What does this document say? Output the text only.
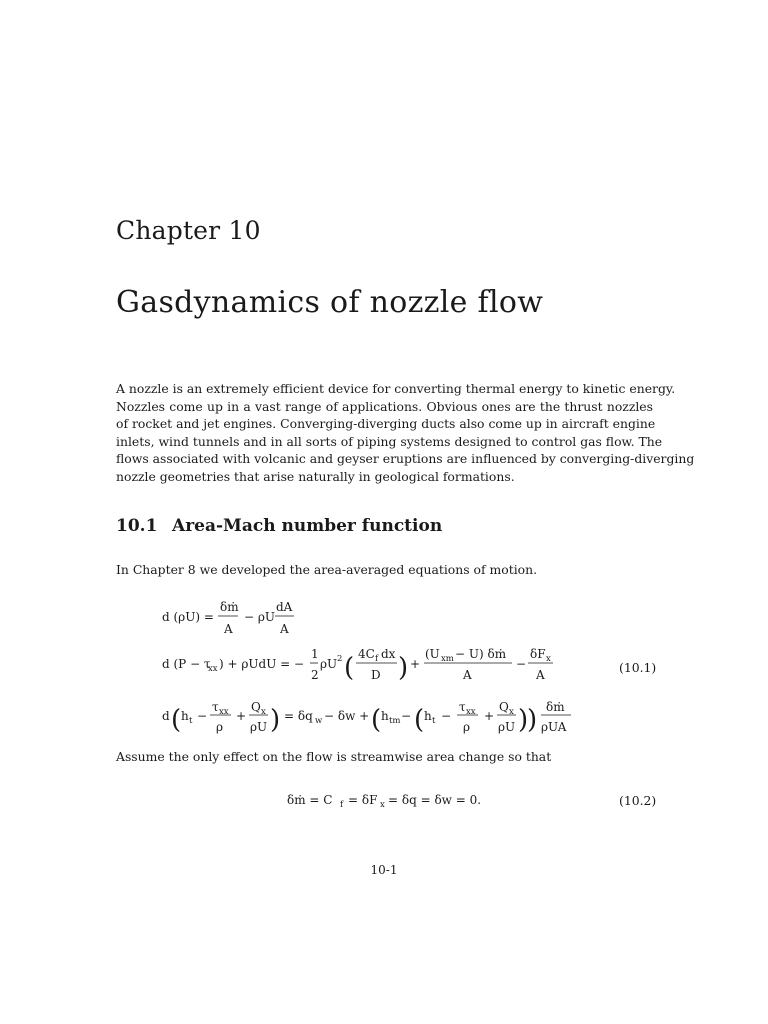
Chapter 10
Gasdynamics of nozzle flow

A nozzle is an extremely efficient device for converting thermal energy to kinetic energy.
Nozzles come up in a vast range of applications. Obvious ones are the thrust nozzles
of rocket and jet engines. Converging-diverging ducts also come up in aircraft engine
inlets, wind tunnels and in all sorts of piping systems designed to control gas flow. The
flows associated with volcanic and geyser eruptions are influenced by converging-diverging
nozzle geometries that arise naturally in geological formations.

10.1 Area-Mach number function

In Chapter 8 we developed the area-averaged equations of motion.

d (ρU) =
δṁ
A
− ρU
dA
A
d (P − τ
xx ) + ρUdU = −
1
2
ρU 2 ( 4C f dx
D ) +
(U xm − U) δṁ
A
−
δF x
A
d ( h t −
τ xx
ρ
+
Q x
ρU ) = δq w − δw + ( h tm − ( h t −
τ xx
ρ
+
Q x
ρU )
) δṁ
ρUA
(10.1)

Assume the only effect on the flow is streamwise area change so that

δṁ = C f = δF x = δq = δw = 0.	(10.2)
10-1
